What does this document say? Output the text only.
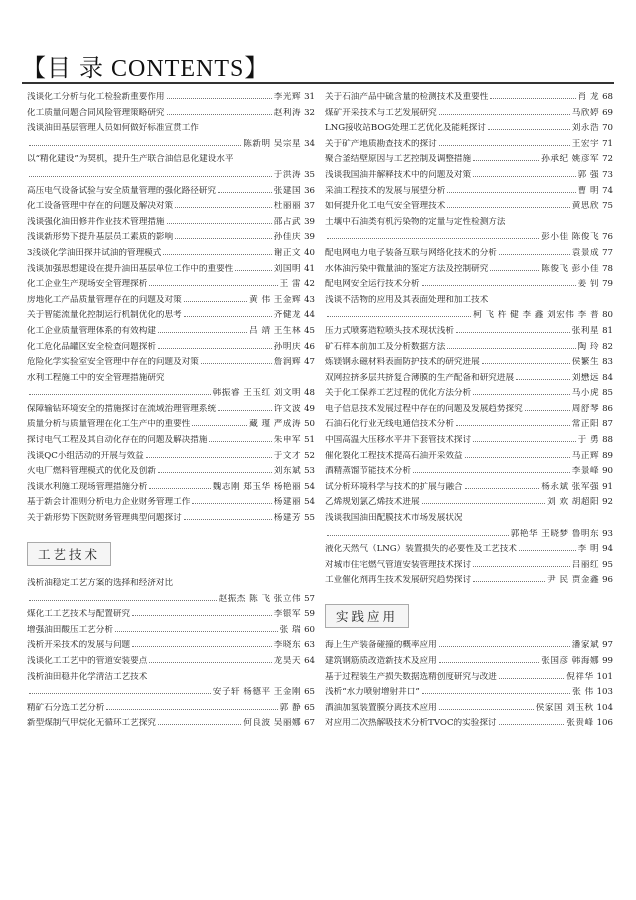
【目 录 CONTENTS】
浅谈化工分析与化工检验新重要作用	李光辉 31
化工质量问题合同风险管理策略研究	赵利涛 32
浅谈油田基层管理人员如何做好标准宣贯工作
陈新明 吴宗星 34
以“精化建设”为契机，提升生产联合油信息化建设水平
于洪涛 35
高压电气设备试验与安全质量管理的强化路径研究	张建国 36
化工设备管理中存在的问题及解决对策	杜丽丽 37
浅谈强化油田修井作业技术管理措施	邵占武 39
浅谈新形势下提升基层员工素质的影响	孙佳庆 39
3浅谈化学油田探井试油的管理模式	谢正文 40
浅谈加强思想建设在提升油田基层单位工作中的重要性	刘国明 41
化工企业生产现场安全管理探析	王 雷 42
房地化工产品质量管理存在的问题及对策	黄 伟 王金辉 43
关于智能流量化控制运行机制优化的思考	齐健龙 44
化工企业质量管理体系的有效构建	吕 靖 王生林 45
化工危化品罐区安全检查问题探析	孙明庆 46
危险化学实验室安全管理中存在的问题及对策	詹润辉 47
水利工程施工中的安全管理措施研究
韩振睿 王玉红 刘文明 48
保障输钻环境安全的措施探讨在流域治理管理系统	许文波 49
质量分析与质量管理在化工生产中的重要性	藏 瑾 严成涛 50
探讨电气工程及其自动化存在的问题及解决措施	朱申军 51
浅谈QC小组活动的开展与效益	于文才 52
火电厂燃料管理模式的优化及创新	刘东斌 53
浅谈水利施工现场管理措施分析	魏志刚 郑玉华 杨艳丽 54
基于新会计准则分析电力企业财务管理工作	杨建丽 54
关于新形势下医院财务管理典型问题探讨	杨建芳 55
工艺技术
浅析油稳定工艺方案的选择和经济对比
赵振杰 陈 飞 张立伟 57
煤化工工艺技术与配置研究	李银军 59
增强油田酸压工艺分析	张 瑞 60
浅析开采技术的发展与问题	李晓东 63
浅谈化工工艺中的管道安装要点	龙昊天 64
浅析油田稳井化学清洁工艺技术
安子轩 杨德平 王金刚 65
精矿石分选工艺分析	郭 静 65
新型煤制气甲烷化无循环工艺探究	何良波 吴丽娜 67
关于石油产品中硫含量的检测技术及重要性	肖 龙 68
煤矿开采技术与工艺发展研究	马欣婷 69
LNG接收站BOG处理工艺优化及能耗探讨	刘永浩 70
关于矿产地质勘查技术的探讨	王宏宇 71
聚合釜结壁原因与工艺控制及调整措施	孙承纪 姚彦军 72
浅谈我国油井解释技术中的问题及对策	郭 强 73
采油工程技术的发展与展望分析	曹 明 74
如何提升化工电气安全管理技术	黄思欣 75
土壤中石油类有机污染物的定量与定性检测方法
彭小佳 陈俊飞 76
配电网电力电子装备互联与网络化技术的分析	袁景成 77
水体油污染中微量油的鉴定方法及控制研究	陈俊飞 彭小佳 78
配电网安全运行技术分析	姜 钊 79
浅谈不活物的应用及其表面处理和加工技术
柯 飞 杵 健 李 鑫 刘宏伟 李 普 80
压力式喷雾造粒喷头技术现状浅析	张利星 81
矿石样本前加工及分析数据方法	陶 玲 82
炼镁钢永磁材料表面防护技术的研究进展	侯繁生 83
双网拉挤多层共挤复合薄膜的生产配备和研究进展	刘懋远 84
关于化工保养工艺过程的优化方法分析	马小虎 85
电子信息技术发展过程中存在的问题及发展趋势探究	周舒琴 86
石油石化行业无线电通信技术分析	常正阳 87
中国高温大压移水平井下套管技术探讨	于 勇 88
催化裂化工程技术提高石油开采效益	马正辉 89
酒精蒸馏节能技术分析	李景峰 90
试分析环境科学与技术的扩展与融合	杨永斌 张军强 91
乙烯规划氯乙烯技术进展	刘 欢 胡超阳 92
浅谈我国油田配膜技术市场发展状况
郭艳华 王晓梦 鲁明东 93
液化天然气（LNG）装置损失的必要性及工艺技术	李 明 94
对城市住宅燃气管道安装管理技术探讨	吕丽红 95
工业催化剂再生技术发展研究趋势探讨	尹 民 贾金鑫 96
实践应用
海上生产装备碰撞的概率应用	潘家斌 97
建筑钢筋质改造新技术及应用	张国彦 韩海娜 99
基于过程装生产损失数据选精创度研究与改进	倪祥华 101
浅析“水力喷射增射井口”	张 伟 103
酒油加氢装置膜分离技术应用	侯家国 刘玉秋 104
对应用二次热解吸技术分析TVOC的实验探讨	张贵峰 106
